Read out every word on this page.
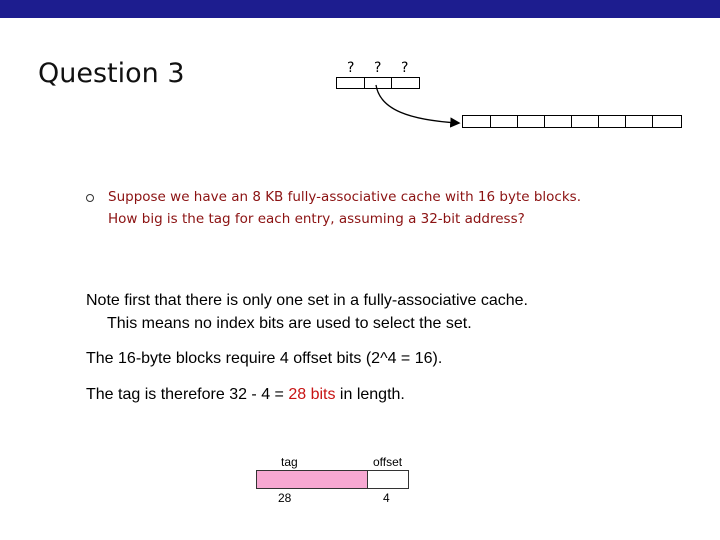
Question 3	? ? ?
Suppose we have an 8 KB fully-associative cache with 16 byte blocks.
How big is the tag for each entry, assuming a 32-bit address?
Note first that there is only one set in a fully-associative cache.
This means no index bits are used to select the set.
The 16-byte blocks require 4 offset bits (2^4 = 16).
The tag is therefore 32 - 4 = 28 bits in length.
tag	offset
28	4
